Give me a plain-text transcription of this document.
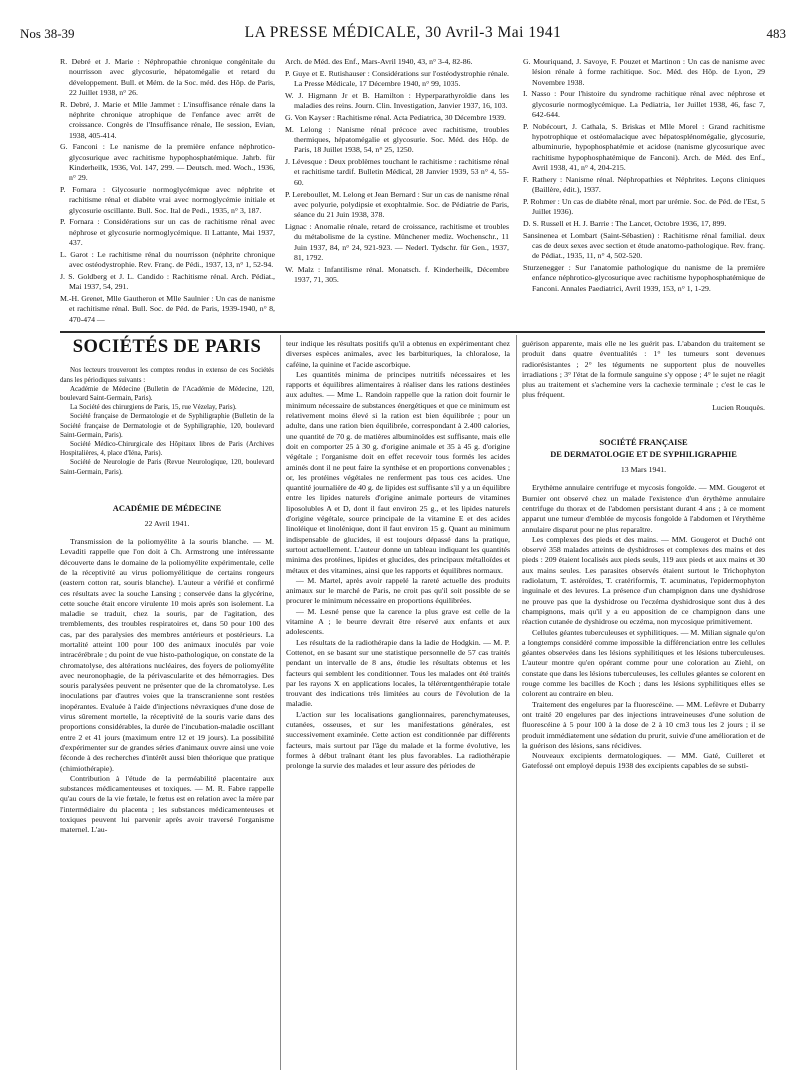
Nos 38-39	LA PRESSE MÉDICALE, 30 Avril-3 Mai 1941	483

R. Debré et J. Marie : Néphropathie chronique congénitale du nourrisson avec glycosurie, hépatomégalie et retard du développement. Bull. et Mém. de la Soc. méd. des Hôp. de Paris, 22 Juillet 1938, n° 26.

R. Debré, J. Marie et Mlle Jammet : L'insuffisance rénale dans la néphrite chronique atrophique de l'enfance avec arrêt de croissance. Congrès de l'Insuffisance rénale, IIe session, Evian, 1938, 405-414.

G. Fanconi : Le nanisme de la première enfance néphrotico-glycosurique avec rachitisme hypophosphatémique. Jahrb. für Kinderheilk, 1936, Vol. 147, 299. — Deutsch. med. Woch., 1936, n° 29.

P. Fornara : Glycosurie normoglycémique avec néphrite et rachitisme rénal et diabète vrai avec normoglycémie initiale et glycosurie oscillante. Bull. Soc. Ital de Pedi., 1935, n° 3, 187.

P. Fornara : Considérations sur un cas de rachitisme rénal avec néphrose et glycosurie normoglycémique. Il Lattante, Mai 1937, 437.

L. Garot : Le rachitisme rénal du nourrisson (néphrite chronique avec ostéodystrophie. Rev. Franç. de Pédi., 1937, 13, n° 1, 52-94.

J. S. Goldberg et J. L. Candido : Rachitisme rénal. Arch. Pédiat., Mai 1937, 54, 291.

M.-H. Grenet, Mlle Gautheron et Mlle Saulnier : Un cas de nanisme et rachitisme rénal. Bull. Soc. de Péd. de Paris, 1939-1940, n° 8, 470-474 —

Arch. de Méd. des Enf., Mars-Avril 1940, 43, n° 3-4, 82-86.

P. Guye et E. Rutishauser : Considérations sur l'ostéodystrophie rénale. La Presse Médicale, 17 Décembre 1940, n° 99, 1035.

W. J. Higmann Jr et B. Hamilton : Hyperparathyroïdie dans les maladies des reins. Journ. Clin. Investigation, Janvier 1937, 16, 103.

G. Von Kayser : Rachitisme rénal. Acta Pediatrica, 30 Décembre 1939.

M. Lelong : Nanisme rénal précoce avec rachitisme, troubles thermiques, hépatomégalie et glycosurie. Soc. Méd. des Hôp. de Paris, 18 Juillet 1938, 54, n° 25, 1250.

J. Lévesque : Deux problèmes touchant le rachitisme : rachitisme rénal et rachitisme tardif. Bulletin Médical, 28 Janvier 1939, 53 n° 4, 55-60.

P. Lereboullet, M. Lelong et Jean Bernard : Sur un cas de nanisme rénal avec polyurie, polydipsie et exophtalmie. Soc. de Pédiatrie de Paris, séance du 21 Juin 1938, 378.

Lignac : Anomalie rénale, retard de croissance, rachitisme et troubles du métabolisme de la cystine. Münchener mediz. Wochenschr., 11 Juin 1937, 84, n° 24, 921-923. — Nederl. Tydschr. für Gen., 1937, 81, 1792.

W. Malz : Infantilisme rénal. Monatsch. f. Kinderheilk, Décembre 1937, 71, 305.

G. Mouriquand, J. Savoye, F. Pouzet et Martinon : Un cas de nanisme avec lésion rénale à forme rachitique. Soc. Méd. des Hôp. de Lyon, 29 Novembre 1938.

I. Nasso : Pour l'histoire du syndrome rachitique rénal avec néphrose et glycosurie normoglycémique. La Pediatria, 1er Juillet 1938, 46, fasc 7, 642-644.

P. Nobécourt, J. Cathala, S. Briskas et Mlle Morel : Grand rachitisme hypotrophique et ostéomalacique avec hépatosplénomégalie, glycosurie, albuminurie, hypophosphatémie et acidose (nanisme glycosurique avec rachitisme hypophosphatémique de Fanconi). Arch. de Méd. des Enf., Avril 1938, 41, n° 4, 204-215.

F. Rathery : Nanisme rénal. Néphropathies et Néphrites. Leçons cliniques (Baillère, édit.), 1937.

P. Rohmer : Un cas de diabète rénal, mort par urémie. Soc. de Péd. de l'Est, 5 Juillet 1936).

D. S. Russell et H. J. Barrie : The Lancet, Octobre 1936, 17, 899.

Sansinenea et Lombart (Saint-Sébastien) : Rachitisme rénal familial. deux cas de deux sexes avec section et étude anatomo-pathologique. Rev. franç. de Pédiat., 1935, 11, n° 4, 502-520.

Sturzenegger : Sur l'anatomie pathologique du nanisme de la première enfance néphrotico-glycosurique avec rachitisme hypophosphatémique de Fanconi. Annales Paediatrici, Avril 1939, 153, n° 1, 1-29.

SOCIÉTÉS DE PARIS

Nos lecteurs trouveront les comptes rendus in extenso de ces Sociétés dans les périodiques suivants :

Académie de Médecine (Bulletin de l'Académie de Médecine, 120, boulevard Saint-Germain, Paris).

La Société des chirurgiens de Paris, 15, rue Vézelay, Paris).

Société française de Dermatologie et de Syphiligraphie (Bulletin de la Société française de Dermatologie et de Syphiligraphie, 120, boulevard Saint-Germain, Paris).

Société Médico-Chirurgicale des Hôpitaux libres de Paris (Archives Hospitalières, 4, place d'Iéna, Paris).

Société de Neurologie de Paris (Revue Neurologique, 120, boulevard Saint-Germain, Paris).

ACADÉMIE DE MÉDECINE

22 Avril 1941.

Transmission de la poliomyélite à la souris blanche. — M. Levaditi rappelle que l'on doit à Ch. Armstrong une intéressante découverte dans le domaine de la poliomyélite expérimentale, celle de la réceptivité au virus poliomyélitique de certains rongeurs (eastern cotton rat, souris blanche). L'auteur a vérifié et confirmé ces résultats avec la souche Lansing ; conservée dans la glycérine, cette souche était encore virulente 10 mois après son isolement. La maladie se traduit, chez la souris, par de l'agitation, des tremblements, des troubles respiratoires et, dans 50 pour 100 des cas, par des paralysies des membres antérieurs et postérieurs. La mortalité atteint 100 pour 100 des animaux inoculés par voie intracérébrale ; du point de vue histo-pathologique, on constate de la chromatolyse, des altérations nucléaires, des foyers de poliomyélite avec neuronophagie, de la périvascularite et des hémorragies. Des souris paralysées peuvent ne présenter que de la chromatolyse. Les inoculations par d'autres voies que la transcranienne sont restées inopérantes. Evaluée à l'aide d'injections névraxiques d'une dose de virus sûrement mortelle, la réceptivité de la souris varie dans des proportions considérables, la durée de l'incubation-maladie oscillant entre 2 et 41 jours (maximum entre 12 et 19 jours). La possibilité d'expérimenter sur de grandes séries d'animaux ouvre ainsi une voie féconde à des recherches d'intérêt aussi bien théorique que pratique (chimiothérapie).

Contribution à l'étude de la perméabilité placentaire aux substances médicamenteuses et toxiques. — M. R. Fabre rappelle qu'au cours de la vie fœtale, le fœtus est en relation avec la mère par l'intermédiaire du placenta ; les substances médicamenteuses et toxiques peuvent lui parvenir après avoir traversé l'organisme maternel. L'au-

teur indique les résultats positifs qu'il a obtenus en expérimentant chez diverses espèces animales, avec les barbituriques, la chloralose, la caféine, la quinine et l'acide ascorbique.

Les quantités minima de principes nutritifs nécessaires et les rapports et équilibres alimentaires à réaliser dans les rations destinées aux adultes. — Mme L. Randoin rappelle que la ration doit fournir le minimum nécessaire de substances énergétiques et que ce minimum est relativement moins élevé si la ration est bien équilibrée ; pour un adulte, dans une ration bien équilibrée, correspondant à 2.400 calories, une quantité de 70 g. de matières albuminoïdes est suffisante, mais elle doit en comporter 25 à 30 g. d'origine animale et 35 à 45 g. d'origine végétale ; l'organisme doit en effet recevoir tous formés les acides aminés dont il ne peut faire la synthèse et en proportions convenables ; or, les protéines végétales ne renferment pas tous ces acides. Une quantité journalière de 40 g. de lipides est suffisante s'il y a un équilibre entre les lipides naturels d'origine animale porteurs de vitamines liposolubles A et D, dont il faut environ 25 g., et les lipides naturels d'origine végétale, source principale de la vitamine E et des acides linoléique et linolénique, dont il faut environ 15 g. Quant au minimum indispensable de glucides, il est toujours dépassé dans la pratique, surtout actuellement. L'auteur donne un tableau indiquant les quantités minima des protéines, lipides et glucides, des principaux métalloïdes et métaux et des vitamines, ainsi que les rapports et équilibres normaux.

— M. Martel, après avoir rappelé la rareté actuelle des produits animaux sur le marché de Paris, ne croit pas qu'il soit possible de se procurer le minimum nécessaire en proportions équilibrées.

— M. Lesné pense que la carence la plus grave est celle de la vitamine A ; le beurre devrait être réservé aux enfants et aux adolescents.

Les résultats de la radiothérapie dans la ladie de Hodgkin. — M. P. Cottenot, en se basant sur une statistique personnelle de 57 cas traités pendant un intervalle de 8 ans, étudie les résultats obtenus et les facteurs qui semblent les conditionner. Tous les malades ont été traités par les rayons X en applications locales, la télérœntgenthérapie totale trouvant des indications très limitées au cours de l'évolution de la maladie.

L'action sur les localisations ganglionnaires, parenchymateuses, cutanées, osseuses, et sur les manifestations générales, est successivement examinée. Cette action est conditionnée par différents facteurs, mais surtout par l'âge du malade et la forme évolutive, les formes à début traînant étant les plus favorables. La radiothérapie prolonge la survie des malades et leur assure des périodes de

guérison apparente, mais elle ne les guérit pas. L'abandon du traitement se produit dans quatre éventualités : 1° les tumeurs sont devenues radiorésistantes ; 2° les téguments ne supportent plus de nouvelles irradiations ; 3° l'état de la formule sanguine s'y oppose ; 4° le sujet ne réagit plus au traitement et s'achemine vers la cachexie terminale ; c'est le cas le plus fréquent.

Lucien Rouquès.

SOCIÉTÉ FRANÇAISE

DE DERMATOLOGIE ET DE SYPHILIGRAPHIE

13 Mars 1941.

Erythème annulaire centrifuge et mycosis fongoïde. — MM. Gougerot et Burnier ont observé chez un malade l'existence d'un érythème annulaire centrifuge du thorax et de l'abdomen persistant durant 4 ans ; à ce moment apparut une tumeur d'emblée de mycosis fongoïde à l'abdomen et l'érythème annulaire disparut pour ne plus reparaître.

Les complexes des pieds et des mains. — MM. Gougerot et Duché ont observé 358 malades atteints de dyshidroses et complexes des mains et des pieds : 209 étaient localisés aux pieds seuls, 119 aux pieds et aux mains et 30 aux mains seules. Les parasites observés étaient surtout le Trichophyton radiolatum, T. astéroïdes, T. cratériformis, T. acuminatus, l'epidermophyton inguinale et des levures. La présence d'un champignon dans une dyshidrose ne prouve pas que la dyshidrose ou l'eczéma dyshidrosique sont dus à des champignons, mais qu'il y a eu apposition de ce champignon dans une réaction cutanée de dyshidrose ou eczéma, non mycosique primitivement.

Cellules géantes tuberculeuses et syphilitiques. — M. Milian signale qu'on a longtemps considéré comme impossible la différenciation entre les cellules géantes observées dans les lésions syphilitiques et les lésions tuberculeuses. L'auteur montre qu'en opérant comme pour une coloration au Ziehl, on constate que dans les lésions tuberculeuses, les cellules géantes se colorent en rouge comme les bacilles de Koch ; dans les lésions syphilitiques elles se colorent au contraire en bleu.

Traitement des engelures par la fluorescéine. — MM. Lefèvre et Dubarry ont traité 20 engelures par des injections intraveineuses d'une solution de fluorescéine à 5 pour 100 à la dose de 2 à 10 cm3 tous les 2 jours ; il se produit immédiatement une sédation du prurit, suivie d'une amélioration et de la guérison des lésions, sans récidives.

Nouveaux excipients dermatologiques. — MM. Gaté, Cuilleret et Gatefossé ont employé depuis 1938 des excipients capables de se substi-
